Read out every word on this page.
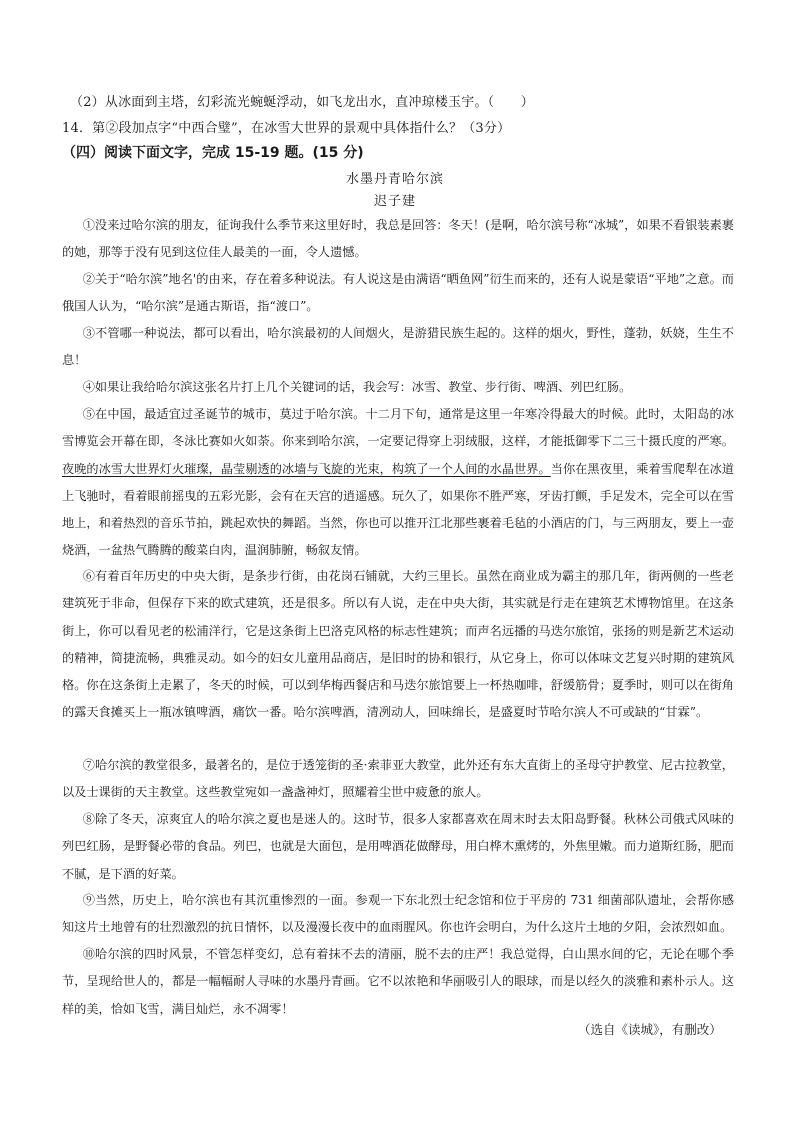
（2）从冰面到主塔，幻彩流光蜿蜒浮动，如飞龙出水，直冲琼楼玉宇。（　　）
14．第②段加点字“中西合璧”，在冰雪大世界的景观中具体指什么？（3分）
（四）阅读下面文字，完成 15-19 题。(15 分)
水墨丹青哈尔滨
迟子建
①没来过哈尔滨的朋友，征询我什么季节来这里好时，我总是回答：冬天！(是啊，哈尔滨号称“冰城”，如果不看银装素裹的她，那等于没有见到这位佳人最美的一面，令人遗憾。
②关于“哈尔滨”地名'的由来，存在着多种说法。有人说这是由满语“晒鱼网”衍生而来的，还有人说是蒙语“平地”之意。而俄国人认为，“哈尔滨”是通古斯语，指“渡口”。
③不管哪一种说法，都可以看出，哈尔滨最初的人间烟火，是游猎民族生起的。这样的烟火，野性，蓬勃，妖娆，生生不息！
④如果让我给哈尔滨这张名片打上几个关键词的话，我会写：冰雪、教堂、步行街、啤酒、列巴红肠。
⑤在中国，最适宜过圣诞节的城市，莫过于哈尔滨。十二月下旬，通常是这里一年寒冷得最大的时候。此时，太阳岛的冰雪博览会开幕在即，冬泳比赛如火如荼。你来到哈尔滨，一定要记得穿上羽绒服，这样，才能抵御零下二三十摄氏度的严寒。夜晚的冰雪大世界灯火璀璨，晶莹剔透的冰墙与飞旋的光束，构筑了一个人间的水晶世界。当你在黑夜里，乘着雪爬犁在冰道上飞驰时，看着眼前摇曳的五彩光影，会有在天宫的逍遥感。玩久了，如果你不胜严寒，牙齿打颤，手足发木，完全可以在雪地上，和着热烈的音乐节拍，跳起欢快的舞蹈。当然，你也可以推开江北那些裹着毛毡的小酒店的门，与三两朋友，要上一壶烧酒，一盆热气腾腾的酸菜白肉，温润肺腑，畅叙友情。
⑥有着百年历史的中央大街，是条步行街，由花岗石铺就，大约三里长。虽然在商业成为霸主的那几年，街两侧的一些老建筑死于非命，但保存下来的欧式建筑，还是很多。所以有人说，走在中央大街，其实就是行走在建筑艺术博物馆里。在这条街上，你可以看见老的松浦洋行，它是这条街上巴洛克风格的标志性建筑；而声名远播的马迭尔旅馆，张扬的则是新艺术运动的精神，简捷流畅，典雅灵动。如今的妇女儿童用品商店，是旧时的协和银行，从它身上，你可以体味文艺复兴时期的建筑风格。你在这条街上走累了，冬天的时候，可以到华梅西餐店和马迭尔旅馆要上一杯热咖啡，舒缓筋骨；夏季时，则可以在街角的露天食摊买上一瓶冰镇啤酒，痛饮一番。哈尔滨啤酒，清冽动人，回味绵长，是盛夏时节哈尔滨人不可或缺的“甘霖”。
⑦哈尔滨的教堂很多，最著名的，是位于透笼街的圣·索菲亚大教堂，此外还有东大直街上的圣母守护教堂、尼古拉教堂，以及士课街的天主教堂。这些教堂宛如一盏盏神灯，照耀着尘世中疲惫的旅人。
⑧除了冬天，凉爽宜人的哈尔滨之夏也是迷人的。这时节，很多人家都喜欢在周末时去太阳岛野餐。秋林公司俄式风味的列巴红肠，是野餐必带的食品。列巴，也就是大面包，是用啤酒花做酵母，用白桦木熏烤的，外焦里嫩。而力道斯红肠，肥而不腻，是下酒的好菜。
⑨当然，历史上，哈尔滨也有其沉重惨烈的一面。参观一下东北烈士纪念馆和位于平房的 731 细菌部队遗址，会帮你感知这片土地曾有的壮烈激烈的抗日情怀，以及漫漫长夜中的血雨腥风。你也许会明白，为什么这片土地的夕阳，会浓烈如血。
⑩哈尔滨的四时风景，不管怎样变幻，总有着抹不去的清丽，脱不去的庄严！我总觉得，白山黑水间的它，无论在哪个季节，呈现给世人的，都是一幅幅耐人寻味的水墨丹青画。它不以浓艳和华丽吸引人的眼球，而是以经久的淡雅和素朴示人。这样的美，恰如飞雪，满目灿烂，永不凋零！
（选自《读城》，有删改）
